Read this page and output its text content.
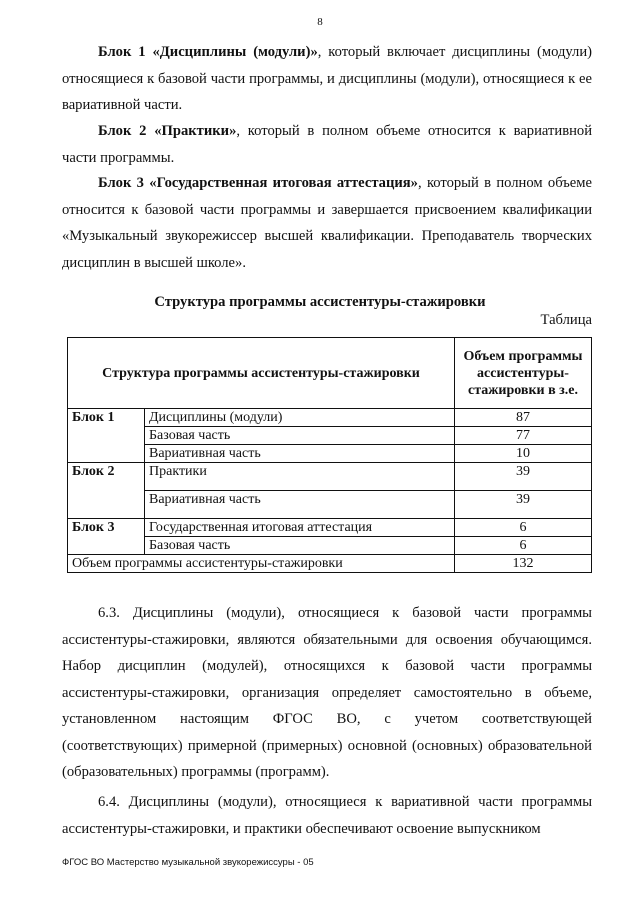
8

Блок 1 «Дисциплины (модули)», который включает дисциплины (модули) относящиеся к базовой части программы, и дисциплины (модули), относящиеся к ее вариативной части.

Блок 2 «Практики», который в полном объеме относится к вариативной части программы.

Блок 3 «Государственная итоговая аттестация», который в полном объеме относится к базовой части программы и завершается присвоением квалификации «Музыкальный звукорежиссер высшей квалификации. Преподаватель творческих дисциплин в высшей школе».

Структура программы ассистентуры-стажировки
Таблица
Структура программы ассистентуры-стажировки		Объем программы ассистентуры-стажировки в з.е.
Блок 1	Дисциплины (модули)	87
	Базовая часть	77
	Вариативная часть	10
Блок 2	Практики	39
	Вариативная часть	39
Блок 3	Государственная итоговая аттестация	6
	Базовая часть	6
Объем программы ассистентуры-стажировки		132

6.3. Дисциплины (модули), относящиеся к базовой части программы ассистентуры-стажировки, являются обязательными для освоения обучающимся. Набор дисциплин (модулей), относящихся к базовой части программы ассистентуры-стажировки, организация определяет самостоятельно в объеме, установленном настоящим ФГОС ВО, с учетом соответствующей (соответствующих) примерной (примерных) основной (основных) образовательной (образовательных) программы (программ).

6.4. Дисциплины (модули), относящиеся к вариативной части программы ассистентуры-стажировки, и практики обеспечивают освоение выпускником

ФГОС ВО Мастерство музыкальной звукорежиссуры - 05
